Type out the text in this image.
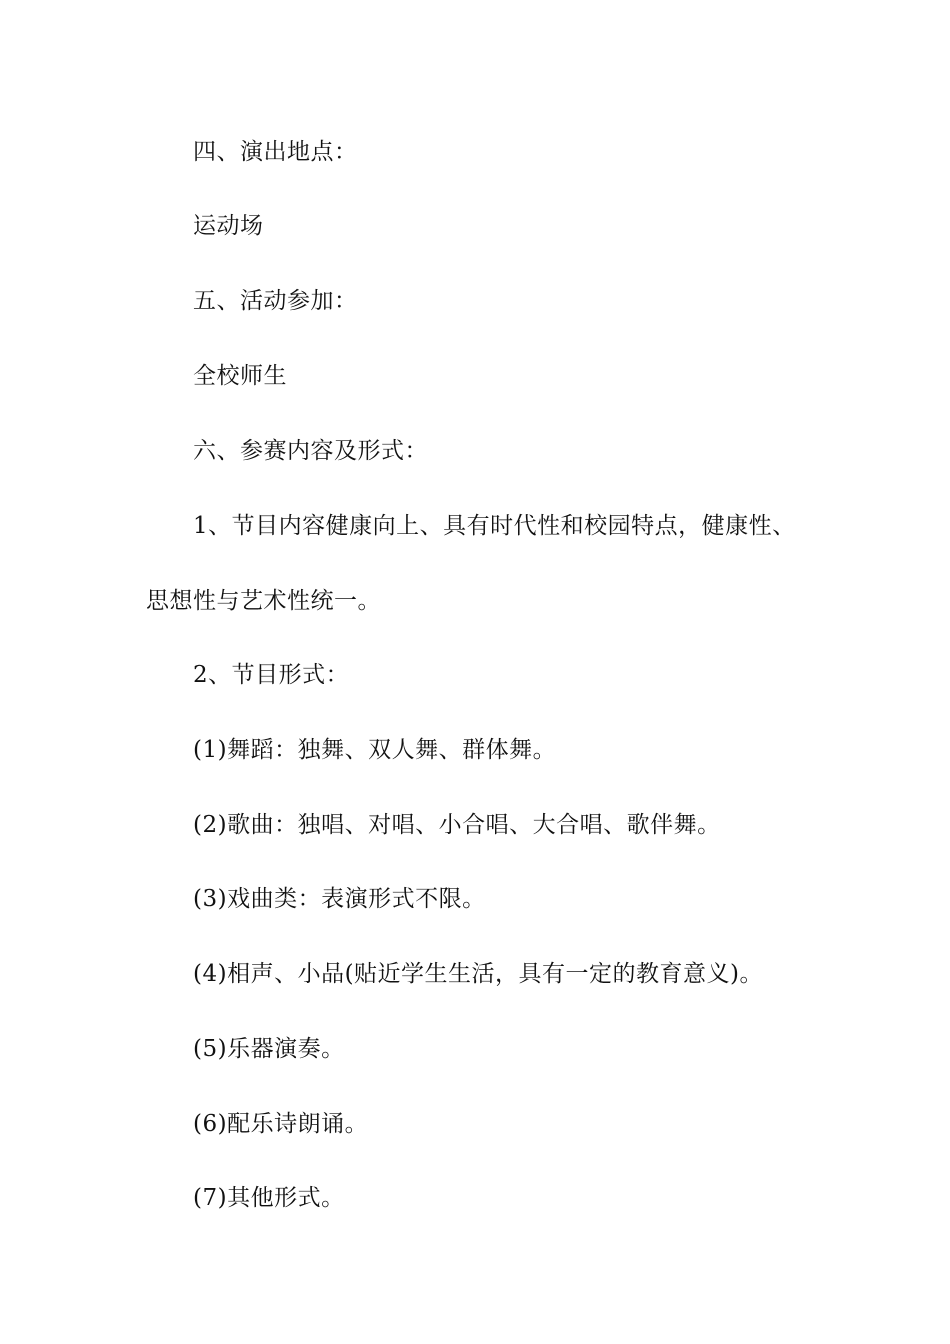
四、演出地点：
运动场
五、活动参加：
全校师生
六、参赛内容及形式：
1、节目内容健康向上、具有时代性和校园特点，健康性、
思想性与艺术性统一。
2、节目形式：
(1)舞蹈：独舞、双人舞、群体舞。
(2)歌曲：独唱、对唱、小合唱、大合唱、歌伴舞。
(3)戏曲类：表演形式不限。
(4)相声、小品(贴近学生生活，具有一定的教育意义)。
(5)乐器演奏。
(6)配乐诗朗诵。
(7)其他形式。
